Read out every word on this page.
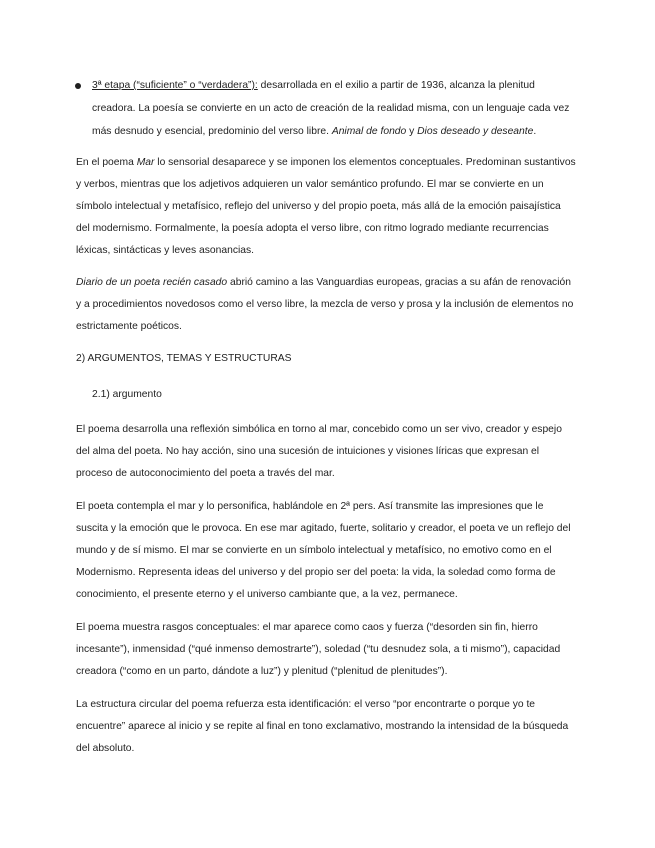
3ª etapa (“suficiente” o “verdadera”): desarrollada en el exilio a partir de 1936, alcanza la plenitud creadora. La poesía se convierte en un acto de creación de la realidad misma, con un lenguaje cada vez más desnudo y esencial, predominio del verso libre. Animal de fondo y Dios deseado y deseante.

En el poema Mar lo sensorial desaparece y se imponen los elementos conceptuales. Predominan sustantivos y verbos, mientras que los adjetivos adquieren un valor semántico profundo. El mar se convierte en un símbolo intelectual y metafísico, reflejo del universo y del propio poeta, más allá de la emoción paisajística del modernismo. Formalmente, la poesía adopta el verso libre, con ritmo logrado mediante recurrencias léxicas, sintácticas y leves asonancias.

Diario de un poeta recién casado abrió camino a las Vanguardias europeas, gracias a su afán de renovación y a procedimientos novedosos como el verso libre, la mezcla de verso y prosa y la inclusión de elementos no estrictamente poéticos.

2) ARGUMENTOS, TEMAS Y ESTRUCTURAS

2.1) argumento

El poema desarrolla una reflexión simbólica en torno al mar, concebido como un ser vivo, creador y espejo del alma del poeta. No hay acción, sino una sucesión de intuiciones y visiones líricas que expresan el proceso de autoconocimiento del poeta a través del mar.

El poeta contempla el mar y lo personifica, hablándole en 2ª pers. Así transmite las impresiones que le suscita y la emoción que le provoca. En ese mar agitado, fuerte, solitario y creador, el poeta ve un reflejo del mundo y de sí mismo. El mar se convierte en un símbolo intelectual y metafísico, no emotivo como en el Modernismo. Representa ideas del universo y del propio ser del poeta: la vida, la soledad como forma de conocimiento, el presente eterno y el universo cambiante que, a la vez, permanece.

El poema muestra rasgos conceptuales: el mar aparece como caos y fuerza (“desorden sin fin, hierro incesante”), inmensidad (“qué inmenso demostrarte”), soledad (“tu desnudez sola, a ti mismo”), capacidad creadora (“como en un parto, dándote a luz”) y plenitud (“plenitud de plenitudes”).

La estructura circular del poema refuerza esta identificación: el verso “por encontrarte o porque yo te encuentre” aparece al inicio y se repite al final en tono exclamativo, mostrando la intensidad de la búsqueda del absoluto.
